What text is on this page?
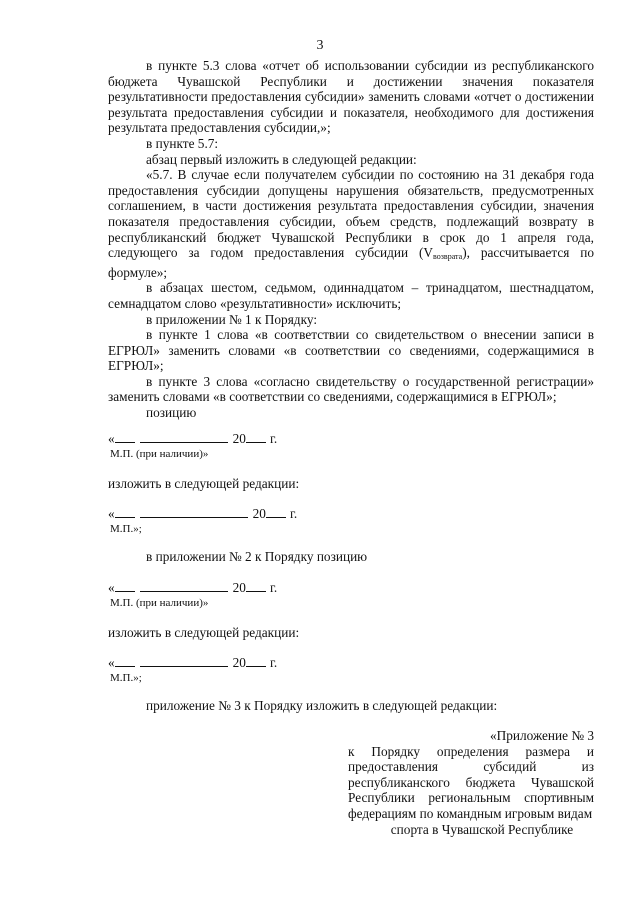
3

в пункте 5.3 слова «отчет об использовании субсидии из республиканского бюджета Чувашской Республики и достижении значения показателя результативности предоставления субсидии» заменить словами «отчет о достижении результата предоставления субсидии и показателя, необходимого для достижения результата предоставления субсидии,»;

в пункте 5.7:

абзац первый изложить в следующей редакции:

«5.7. В случае если получателем субсидии по состоянию на 31 декабря года предоставления субсидии допущены нарушения обязательств, предусмотренных соглашением, в части достижения результата предоставления субсидии, значения показателя предоставления субсидии, объем средств, подлежащий возврату в республиканский бюджет Чувашской Республики в срок до 1 апреля года, следующего за годом предоставления субсидии $(V_{возврата})$, рассчитывается по формуле»;

в абзацах шестом, седьмом, одиннадцатом – тринадцатом, шестнадцатом, семнадцатом слово «результативности» исключить;

в приложении № 1 к Порядку:

в пункте 1 слова «в соответствии со свидетельством о внесении записи в ЕГРЮЛ» заменить словами «в соответствии со сведениями, содержащимися в ЕГРЮЛ»;

в пункте 3 слова «согласно свидетельству о государственной регистрации» заменить словами «в соответствии со сведениями, содержащимися в ЕГРЮЛ»;

позицию

«	20 г.
М.П. (при наличии)»
изложить в следующей редакции:
«	20 г.
М.П.»;
в приложении № 2 к Порядку позицию
«	20 г.
М.П. (при наличии)»
изложить в следующей редакции:
«	20 г.
М.П.»;
приложение № 3 к Порядку изложить в следующей редакции:

«Приложение № 3

к Порядку определения размера и предоставления субсидий из республиканского бюджета Чувашской Республики региональным спортивным федерациям по командным игровым видам

спорта в Чувашской Республике
